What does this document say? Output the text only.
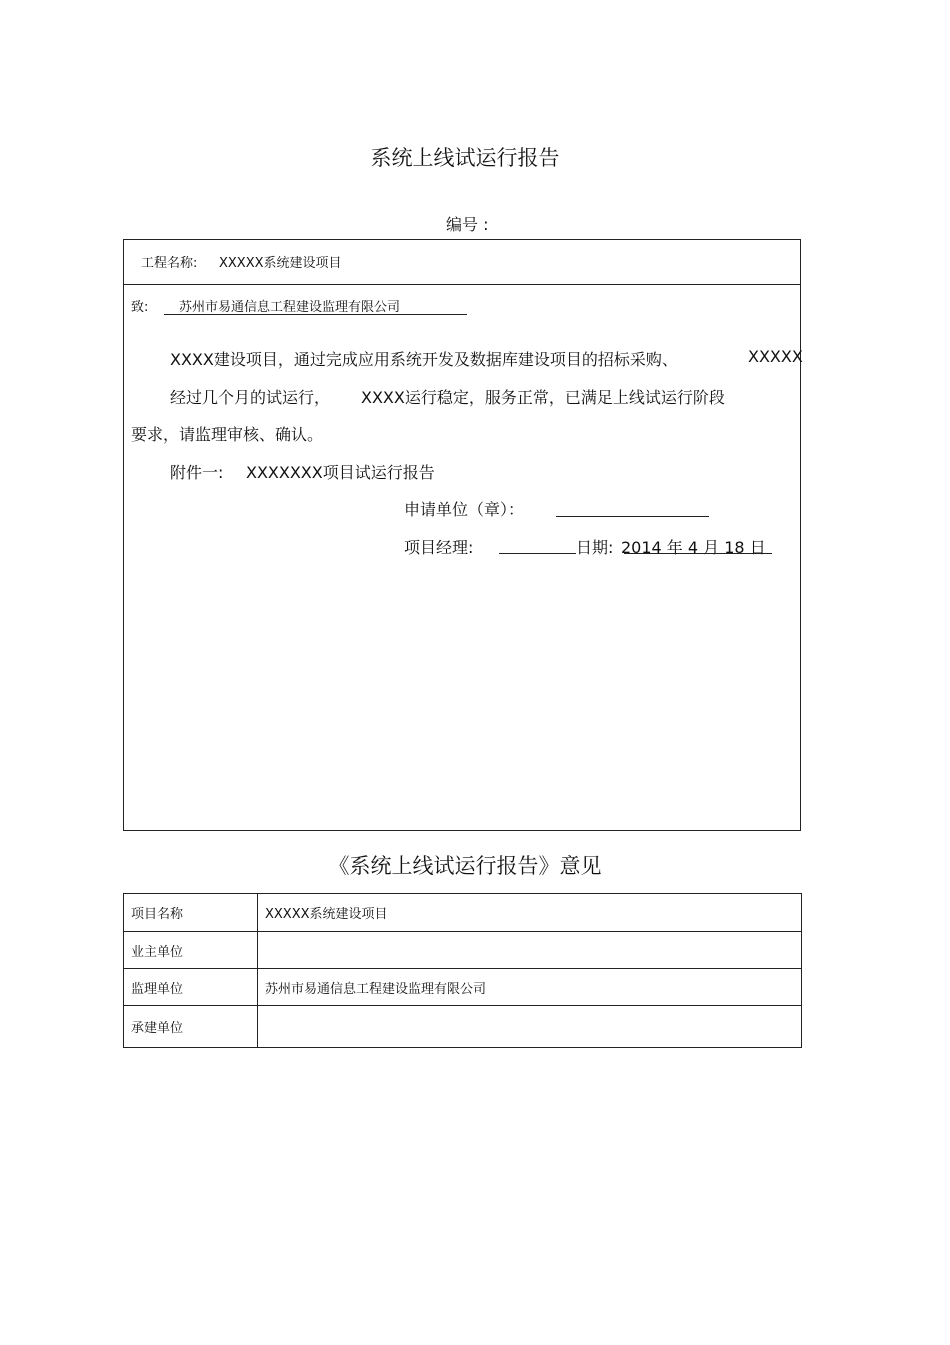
系统上线试运行报告
编号 :
工程名称: XXXXX系统建设项目
致: 苏州市易通信息工程建设监理有限公司
XXXX建设项目，通过完成应用系统开发及数据库建设项目的招标采购、	XXXXX
经过几个月的试运行， XXXX运行稳定，服务正常，已满足上线试运行阶段
要求，请监理审核、确认。
附件一: XXXXXXX项目试运行报告
申请单位（章）：
项目经理:	日期: 2014 年 4 月 18 日
《系统上线试运行报告》意见
项目名称	XXXXX系统建设项目
业主单位	
监理单位	苏州市易通信息工程建设监理有限公司
承建单位	
